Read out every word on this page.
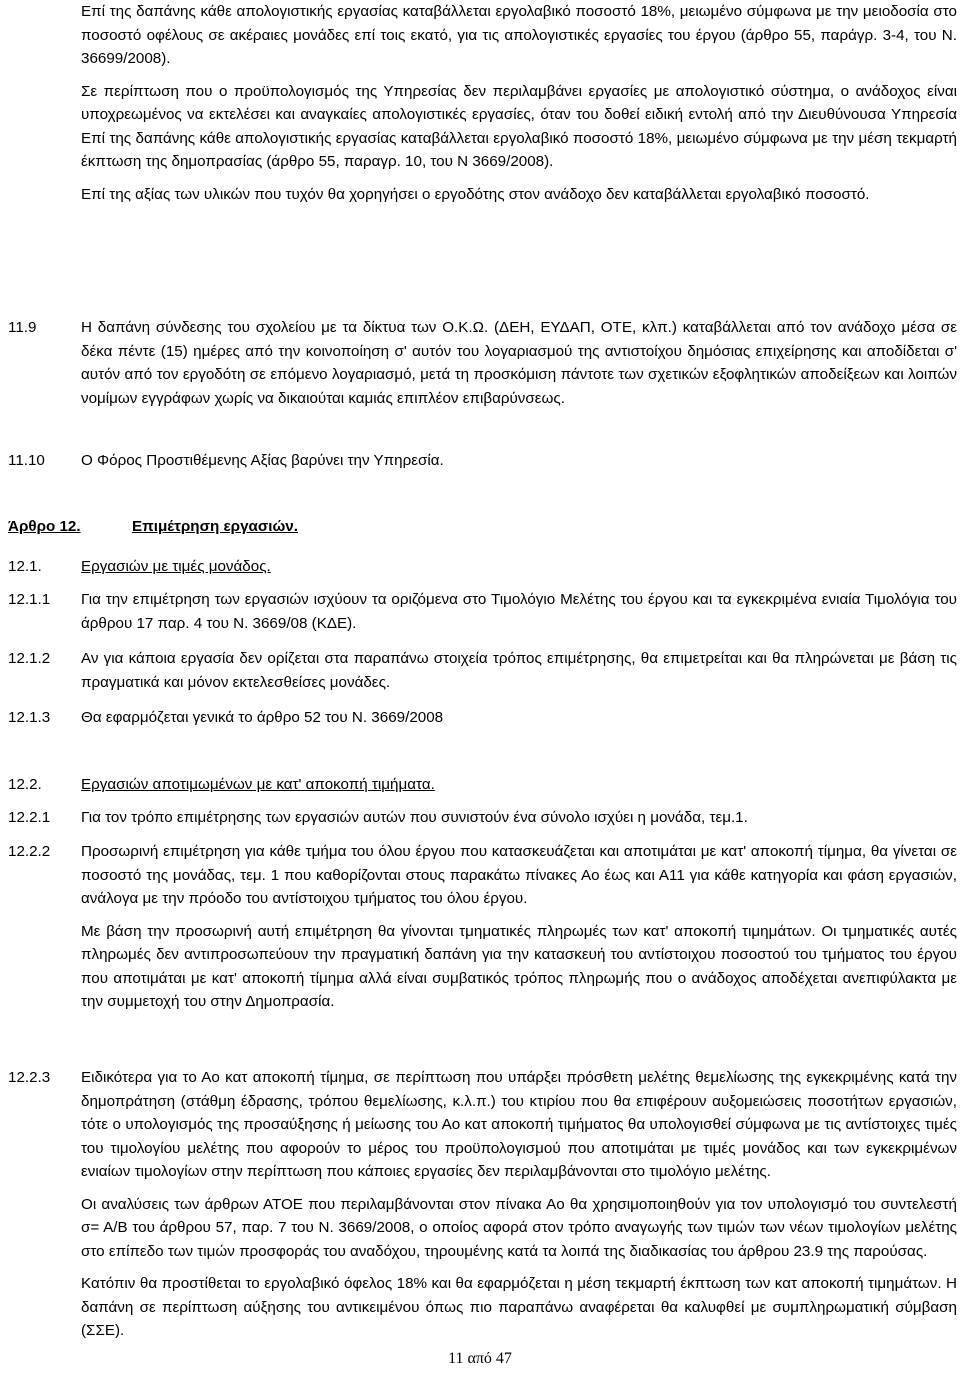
Επί της δαπάνης κάθε απολογιστικής εργασίας καταβάλλεται εργολαβικό ποσοστό 18%, μειωμένο σύμφωνα με την μειοδοσία στο ποσοστό οφέλους σε ακέραιες μονάδες επί τοις εκατό, για τις απολογιστικές εργασίες του έργου (άρθρο 55, παράγρ. 3-4, του Ν. 36699/2008).

Σε περίπτωση που ο προϋπολογισμός της Υπηρεσίας δεν περιλαμβάνει εργασίες με απολογιστικό σύστημα, ο ανάδοχος είναι υποχρεωμένος να εκτελέσει και αναγκαίες απολογιστικές εργασίες, όταν του δοθεί ειδική εντολή από την Διευθύνουσα Υπηρεσία Επί της δαπάνης κάθε απολογιστικής εργασίας καταβάλλεται εργολαβικό ποσοστό 18%, μειωμένο σύμφωνα με την μέση τεκμαρτή έκπτωση της δημοπρασίας (άρθρο 55, παραγρ. 10, του Ν 3669/2008).

Επί της αξίας των υλικών που τυχόν θα χορηγήσει ο εργοδότης στον ανάδοχο δεν καταβάλλεται εργολαβικό ποσοστό.

11.9	Η δαπάνη σύνδεσης του σχολείου με τα δίκτυα των Ο.Κ.Ω. (ΔΕΗ, ΕΥΔΑΠ, ΟΤΕ, κλπ.) καταβάλλεται από τον ανάδοχο μέσα σε δέκα πέντε (15) ημέρες από την κοινοποίηση σ' αυτόν του λογαριασμού της αντιστοίχου δημόσιας επιχείρησης και αποδίδεται σ' αυτόν από τον εργοδότη σε επόμενο λογαριασμό, μετά τη προσκόμιση πάντοτε των σχετικών εξοφλητικών αποδείξεων και λοιπών νομίμων εγγράφων χωρίς να δικαιούται καμιάς επιπλέον επιβαρύνσεως.

11.10 Ο Φόρος Προστιθέμενης Αξίας βαρύνει την Υπηρεσία.

Άρθρο 12.	Επιμέτρηση εργασιών.

12.1.	Εργασιών με τιμές μονάδος.

12.1.1 Για την επιμέτρηση των εργασιών ισχύουν τα οριζόμενα στο Τιμολόγιο Μελέτης του έργου και τα εγκεκριμένα ενιαία Τιμολόγια του άρθρου 17 παρ. 4 του Ν. 3669/08 (ΚΔΕ).

12.1.2 Αν για κάποια εργασία δεν ορίζεται στα παραπάνω στοιχεία τρόπος επιμέτρησης, θα επιμετρείται και θα πληρώνεται με βάση τις πραγματικά και μόνον εκτελεσθείσες μονάδες.

12.1.3 Θα εφαρμόζεται γενικά το άρθρο 52 του Ν. 3669/2008

12.2.	Εργασιών αποτιμωμένων με κατ' αποκοπή τιμήματα.

12.2.1 Για τον τρόπο επιμέτρησης των εργασιών αυτών που συνιστούν ένα σύνολο ισχύει η μονάδα, τεμ.1.

12.2.2 Προσωρινή επιμέτρηση για κάθε τμήμα του όλου έργου που κατασκευάζεται και αποτιμάται με κατ' αποκοπή τίμημα, θα γίνεται σε ποσοστό της μονάδας, τεμ. 1 που καθορίζονται στους παρακάτω πίνακες Αο έως και Α11 για κάθε κατηγορία και φάση εργασιών, ανάλογα με την πρόοδο του αντίστοιχου τμήματος του όλου έργου.

Με βάση την προσωρινή αυτή επιμέτρηση θα γίνονται τμηματικές πληρωμές των κατ' αποκοπή τιμημάτων. Οι τμηματικές αυτές πληρωμές δεν αντιπροσωπεύουν την πραγματική δαπάνη για την κατασκευή του αντίστοιχου ποσοστού του τμήματος του έργου που αποτιμάται με κατ' αποκοπή τίμημα αλλά είναι συμβατικός τρόπος πληρωμής που ο ανάδοχος αποδέχεται ανεπιφύλακτα με την συμμετοχή του στην Δημοπρασία.

12.2.3 Ειδικότερα για το Αο κατ αποκοπή τίμημα, σε περίπτωση που υπάρξει πρόσθετη μελέτης θεμελίωσης της εγκεκριμένης κατά την δημοπράτηση (στάθμη έδρασης, τρόπου θεμελίωσης, κ.λ.π.) του κτιρίου που θα επιφέρουν αυξομειώσεις ποσοτήτων εργασιών, τότε ο υπολογισμός της προσαύξησης ή μείωσης του Αο κατ αποκοπή τιμήματος θα υπολογισθεί σύμφωνα με τις αντίστοιχες τιμές του τιμολογίου μελέτης που αφορούν το μέρος του προϋπολογισμού που αποτιμάται με τιμές μονάδος και των εγκεκριμένων ενιαίων τιμολογίων στην περίπτωση που κάποιες εργασίες δεν περιλαμβάνονται στο τιμολόγιο μελέτης.

Οι αναλύσεις των άρθρων ΑΤΟΕ που περιλαμβάνονται στον πίνακα Αο θα χρησιμοποιηθούν για τον υπολογισμό του συντελεστή σ= Α/Β του άρθρου 57, παρ. 7 του Ν. 3669/2008, ο οποίος αφορά στον τρόπο αναγωγής των τιμών των νέων τιμολογίων μελέτης στο επίπεδο των τιμών προσφοράς του αναδόχου, τηρουμένης κατά τα λοιπά της διαδικασίας του άρθρου 23.9 της παρούσας.

Κατόπιν θα προστίθεται το εργολαβικό όφελος 18% και θα εφαρμόζεται η μέση τεκμαρτή έκπτωση των κατ αποκοπή τιμημάτων. Η δαπάνη σε περίπτωση αύξησης του αντικειμένου όπως πιο παραπάνω αναφέρεται θα καλυφθεί με συμπληρωματική σύμβαση (ΣΣΕ).

11 από 47
